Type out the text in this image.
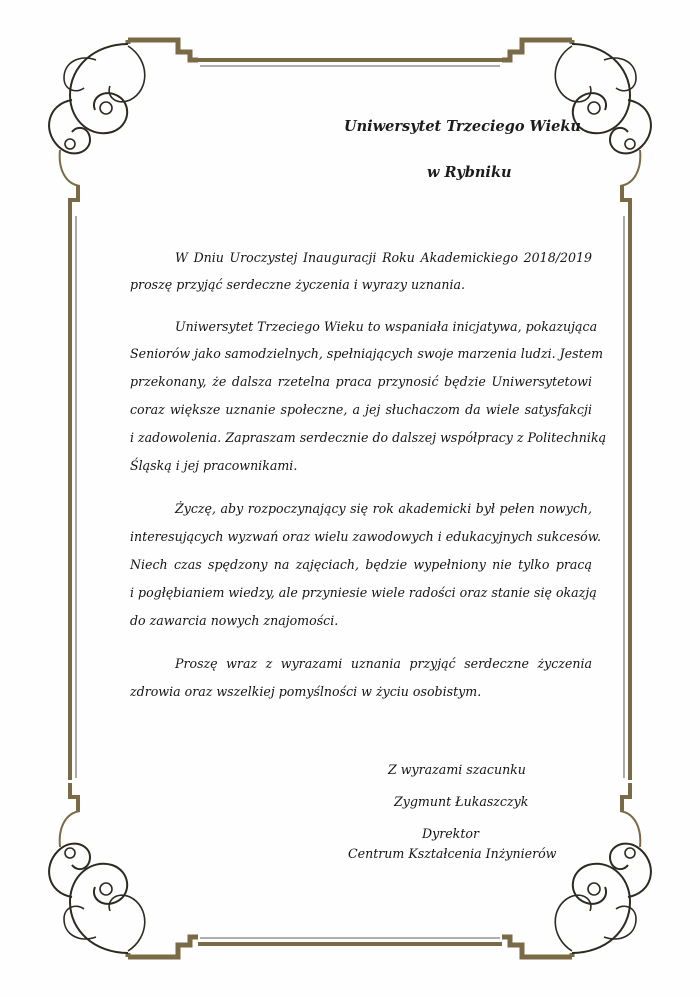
Uniwersytet Trzeciego Wieku
w Rybniku
W Dniu Uroczystej Inauguracji Roku Akademickiego 2018/2019
proszę przyjąć serdeczne życzenia i wyrazy uznania.
Uniwersytet Trzeciego Wieku to wspaniała inicjatywa, pokazująca
Seniorów jako samodzielnych, spełniających swoje marzenia ludzi. Jestem
przekonany, że dalsza rzetelna praca przynosić będzie Uniwersytetowi
coraz większe uznanie społeczne, a jej słuchaczom da wiele satysfakcji
i zadowolenia. Zapraszam serdecznie do dalszej współpracy z Politechniką
Śląską i jej pracownikami.
Życzę, aby rozpoczynający się rok akademicki był pełen nowych,
interesujących wyzwań oraz wielu zawodowych i edukacyjnych sukcesów.
Niech czas spędzony na zajęciach, będzie wypełniony nie tylko pracą
i pogłębianiem wiedzy, ale przyniesie wiele radości oraz stanie się okazją
do zawarcia nowych znajomości.
Proszę wraz z wyrazami uznania przyjąć serdeczne życzenia
zdrowia oraz wszelkiej pomyślności w życiu osobistym.
Z wyrazami szacunku
Zygmunt Łukaszczyk
Dyrektor
Centrum Kształcenia Inżynierów
